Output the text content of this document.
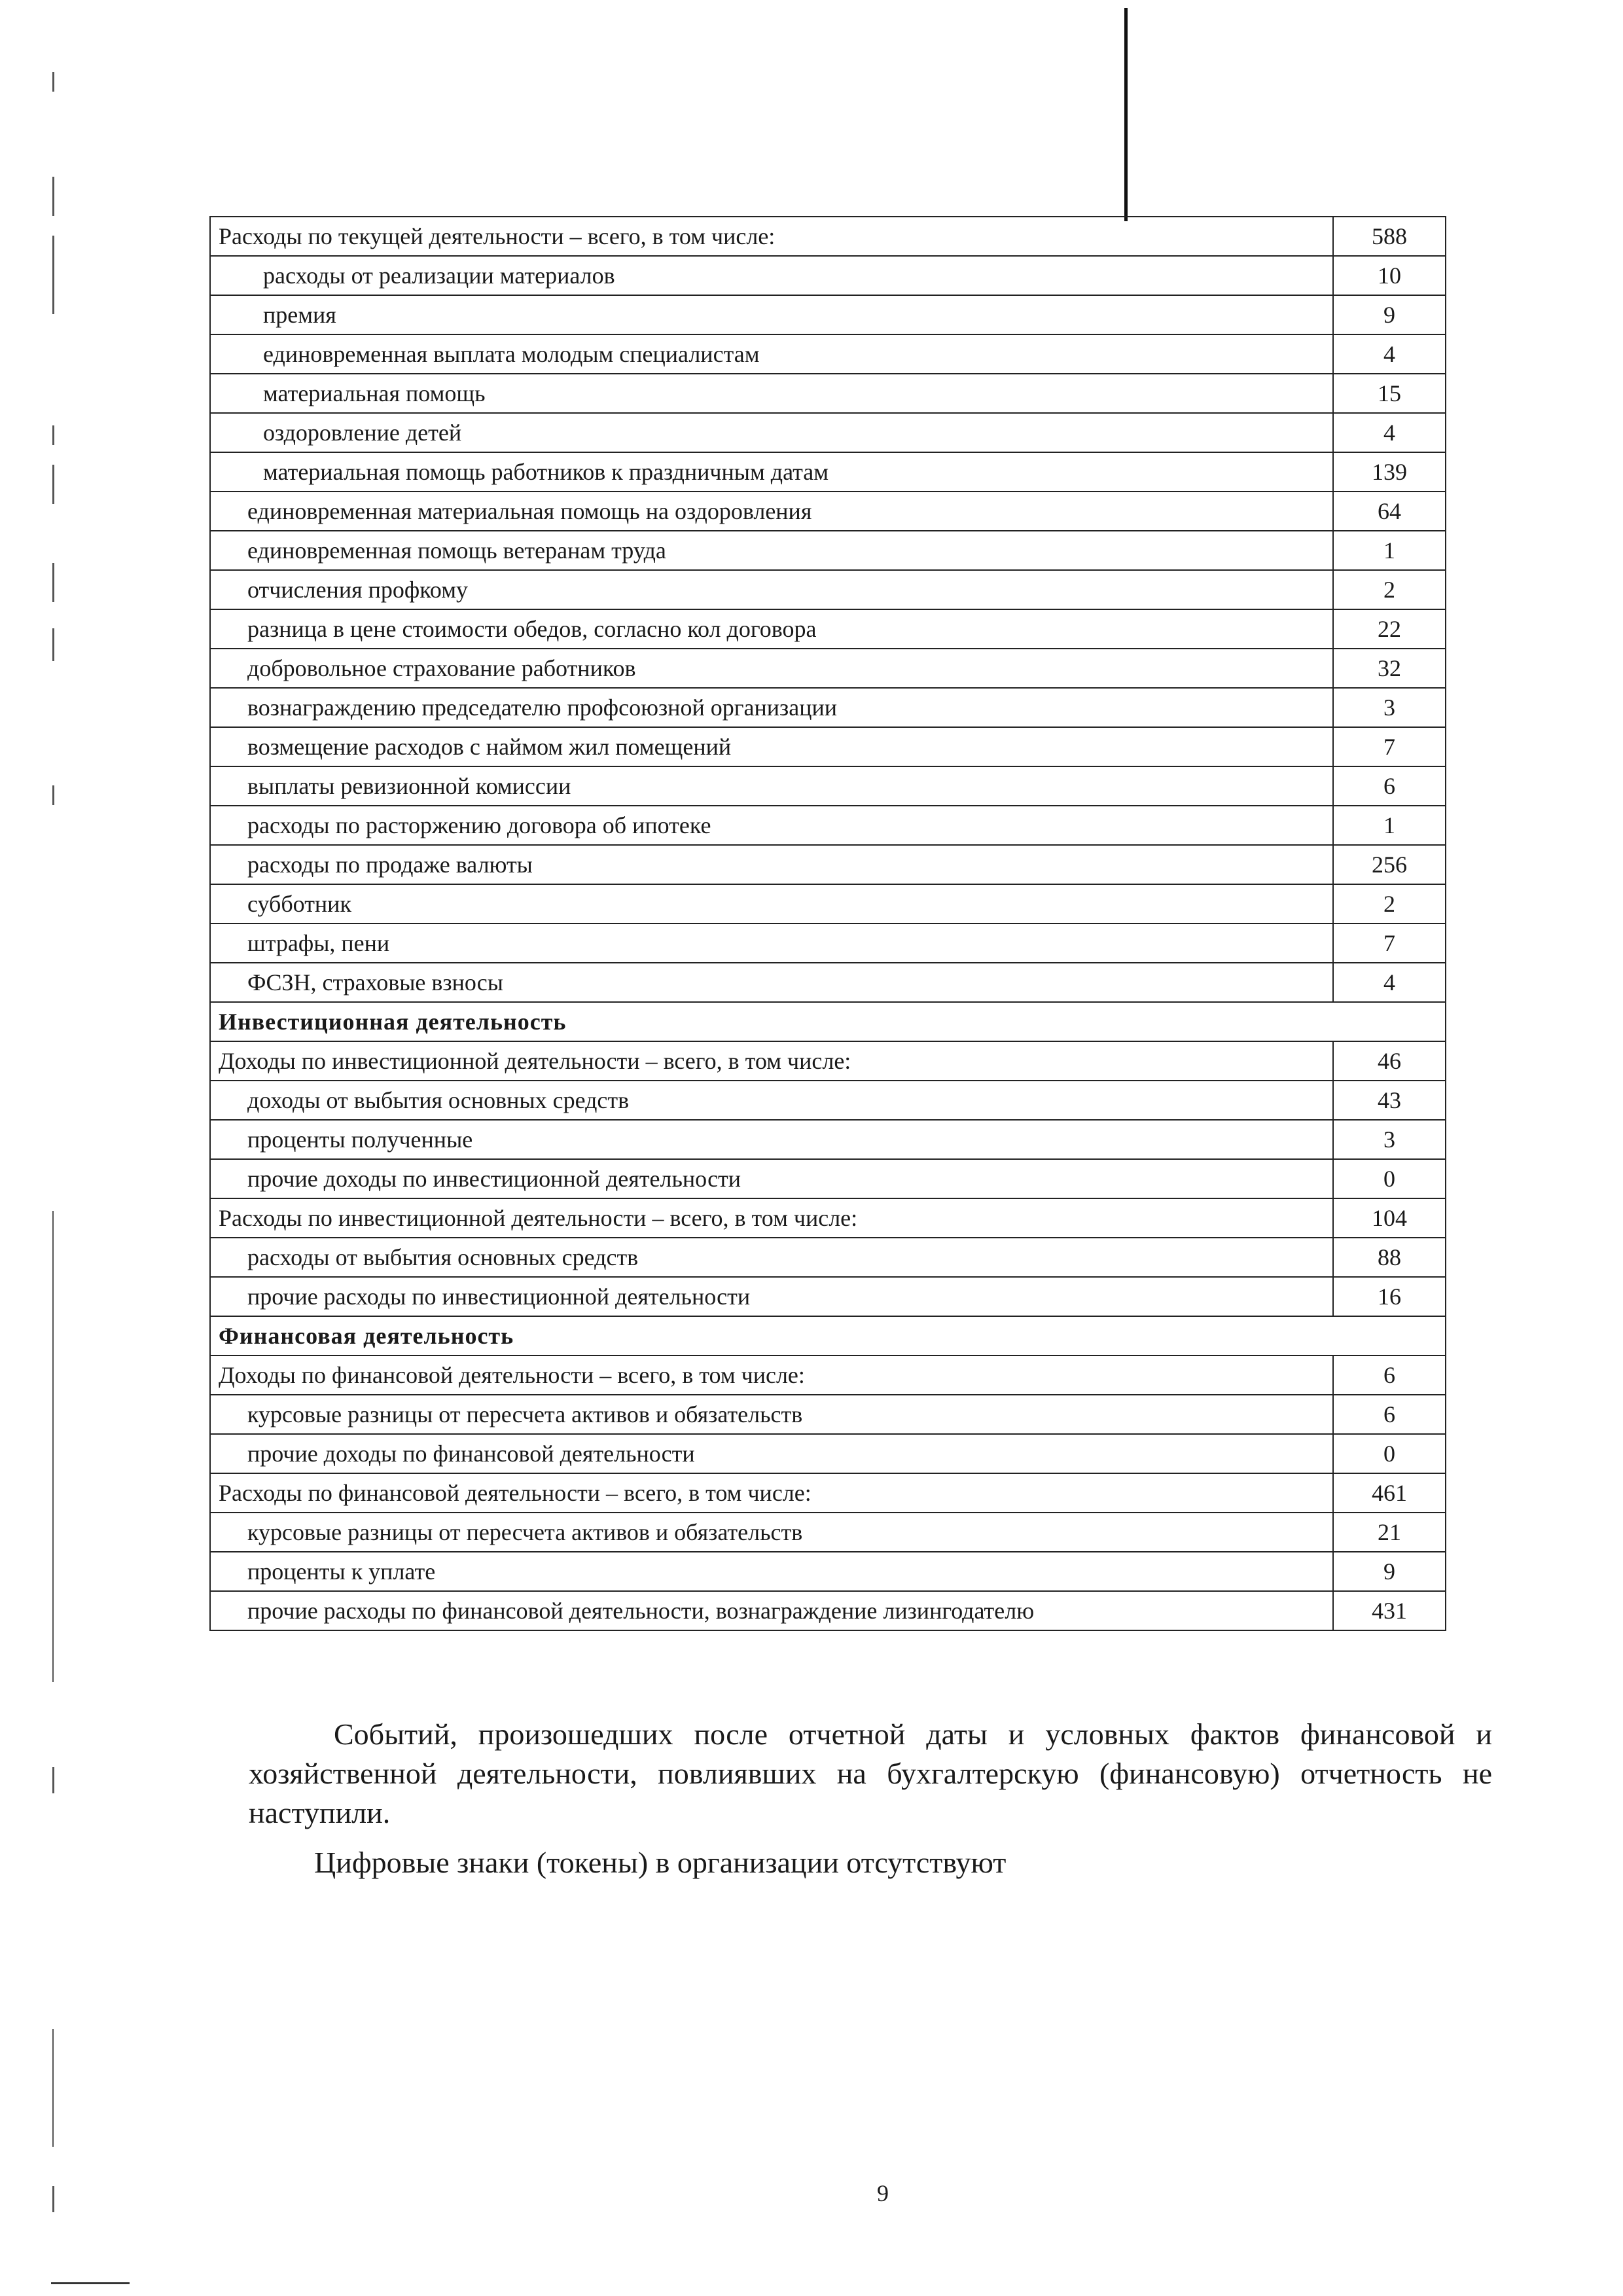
Расходы по текущей деятельности – всего, в том числе:	588
расходы от реализации материалов	10
премия	9
единовременная выплата молодым специалистам	4
материальная помощь	15
оздоровление детей	4
материальная помощь работников к праздничным датам	139
единовременная материальная помощь на оздоровления	64
единовременная помощь ветеранам труда	1
отчисления профкому	2
разница в цене стоимости обедов, согласно кол договора	22
добровольное страхование работников	32
вознаграждению председателю профсоюзной организации	3
возмещение расходов с наймом жил помещений	7
выплаты ревизионной комиссии	6
расходы по расторжению договора об ипотеке	1
расходы по продаже валюты	256
субботник	2
штрафы, пени	7
ФСЗН, страховые взносы	4
Инвестиционная деятельность	
Доходы по инвестиционной деятельности – всего, в том числе:	46
доходы от выбытия основных средств	43
проценты полученные	3
прочие доходы по инвестиционной деятельности	0
Расходы по инвестиционной деятельности – всего, в том числе:	104
расходы от выбытия основных средств	88
прочие расходы по инвестиционной деятельности	16
Финансовая деятельность	
Доходы по финансовой деятельности – всего, в том числе:	6
курсовые разницы от пересчета активов и обязательств	6
прочие доходы по финансовой деятельности	0
Расходы по финансовой деятельности – всего, в том числе:	461
курсовые разницы от пересчета активов и обязательств	21
проценты к уплате	9
прочие расходы по финансовой деятельности, вознаграждение лизингодателю	431

Событий, произошедших после отчетной даты и условных фактов финансовой и хозяйственной деятельности, повлиявших на бухгалтерскую (финансовую) отчетность не наступили.

Цифровые знаки (токены) в организации отсутствуют

9
